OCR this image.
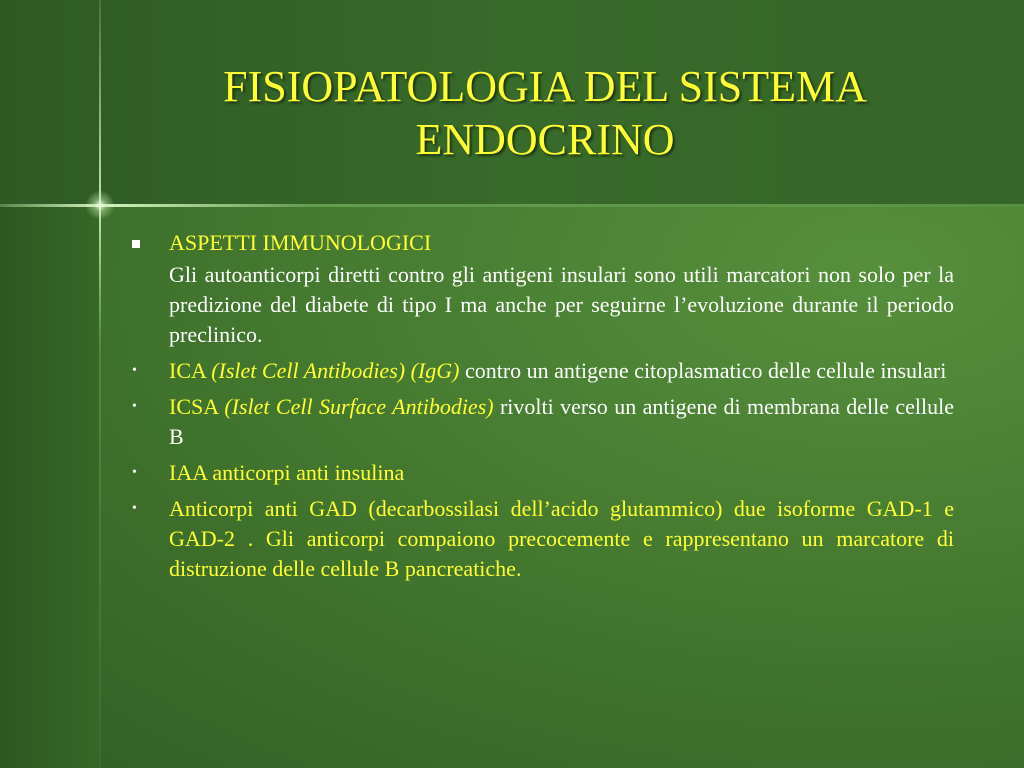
FISIOPATOLOGIA DEL SISTEMA ENDOCRINO
ASPETTI IMMUNOLOGICI
Gli autoanticorpi diretti contro gli antigeni insulari sono utili marcatori non solo per la predizione del diabete di tipo I ma anche per seguirne l’evoluzione durante il periodo preclinico.
• ICA (Islet Cell Antibodies) (IgG) contro un antigene citoplasmatico delle cellule insulari
• ICSA (Islet Cell Surface Antibodies) rivolti verso un antigene di membrana delle cellule B
• IAA anticorpi anti insulina
• Anticorpi anti GAD (decarbossilasi dell’acido glutammico) due isoforme GAD-1 e GAD-2 . Gli anticorpi compaiono precocemente e rappresentano un marcatore di distruzione delle cellule B pancreatiche.
